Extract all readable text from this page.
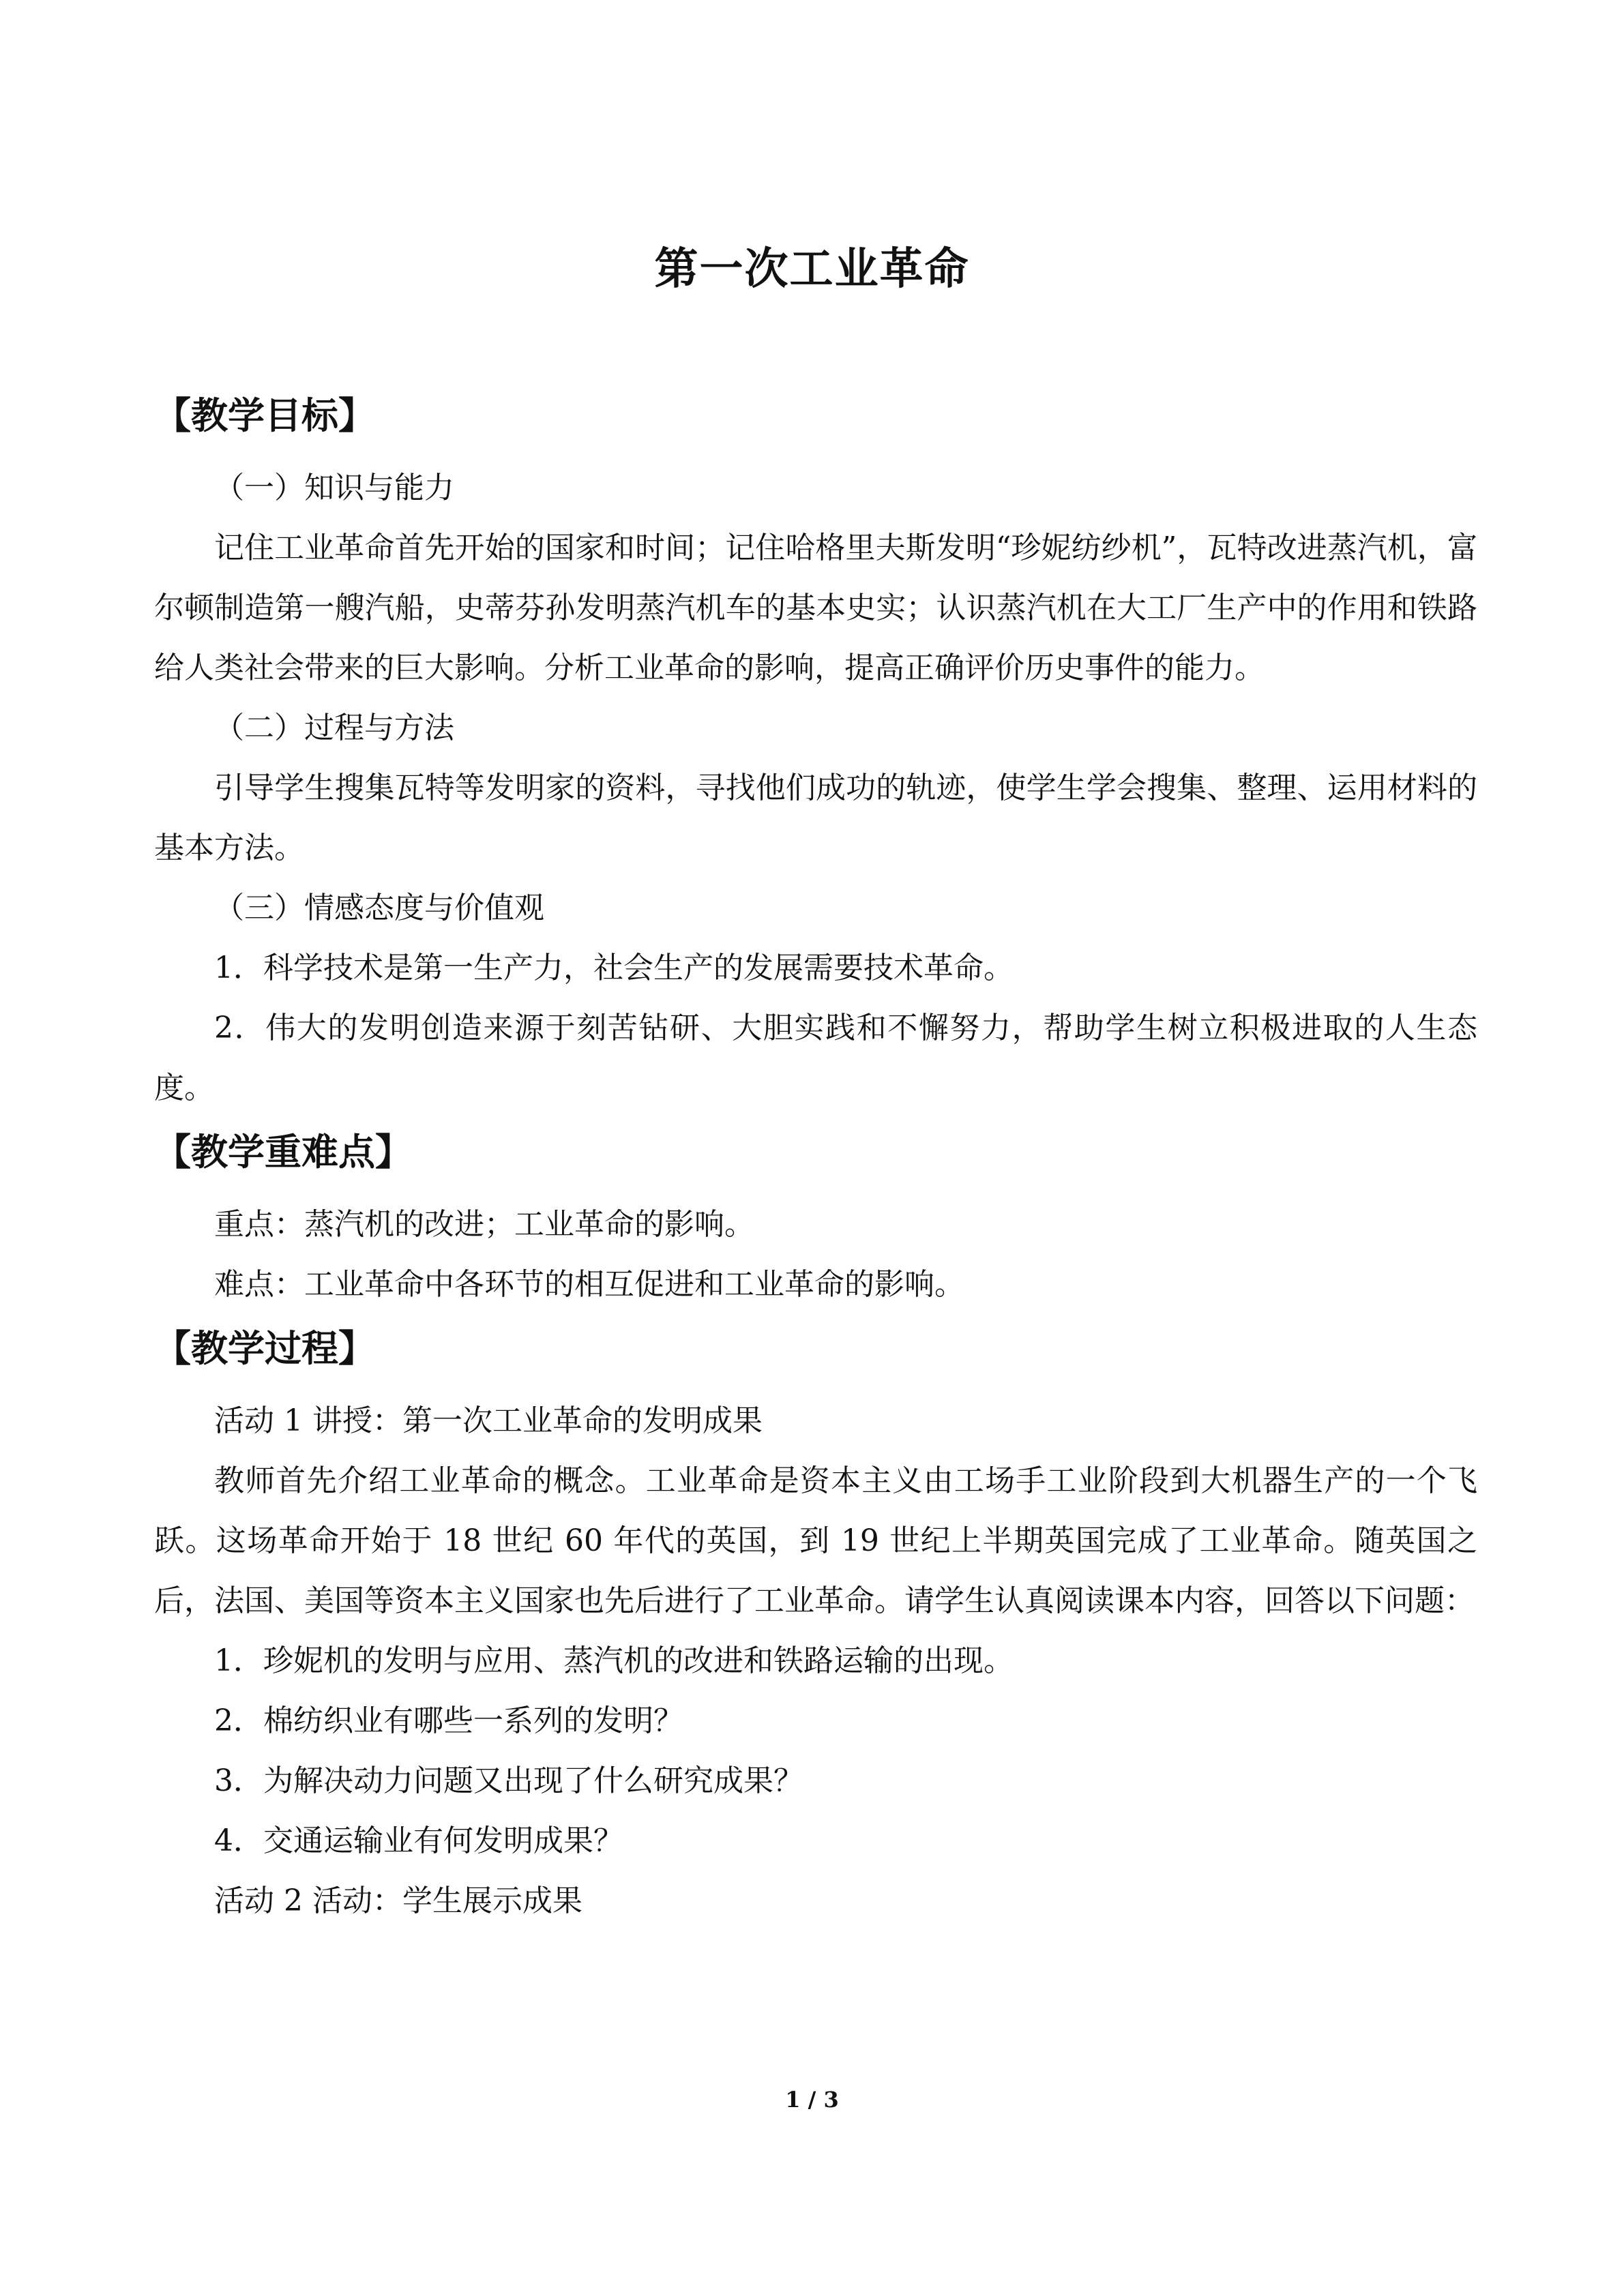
第一次工业革命
【教学目标】

（一）知识与能力

记住工业革命首先开始的国家和时间；记住哈格里夫斯发明“珍妮纺纱机”，瓦特改进蒸汽机，富尔顿制造第一艘汽船，史蒂芬孙发明蒸汽机车的基本史实；认识蒸汽机在大工厂生产中的作用和铁路给人类社会带来的巨大影响。分析工业革命的影响，提高正确评价历史事件的能力。

（二）过程与方法

引导学生搜集瓦特等发明家的资料，寻找他们成功的轨迹，使学生学会搜集、整理、运用材料的基本方法。

（三）情感态度与价值观

1．科学技术是第一生产力，社会生产的发展需要技术革命。

2．伟大的发明创造来源于刻苦钻研、大胆实践和不懈努力，帮助学生树立积极进取的人生态度。

【教学重难点】

重点：蒸汽机的改进；工业革命的影响。

难点：工业革命中各环节的相互促进和工业革命的影响。

【教学过程】

活动 1 讲授：第一次工业革命的发明成果

教师首先介绍工业革命的概念。工业革命是资本主义由工场手工业阶段到大机器生产的一个飞跃。这场革命开始于 18 世纪 60 年代的英国，到 19 世纪上半期英国完成了工业革命。随英国之后，法国、美国等资本主义国家也先后进行了工业革命。请学生认真阅读课本内容，回答以下问题：

1．珍妮机的发明与应用、蒸汽机的改进和铁路运输的出现。

2．棉纺织业有哪些一系列的发明？

3．为解决动力问题又出现了什么研究成果？

4．交通运输业有何发明成果？

活动 2 活动：学生展示成果

1 / 3
